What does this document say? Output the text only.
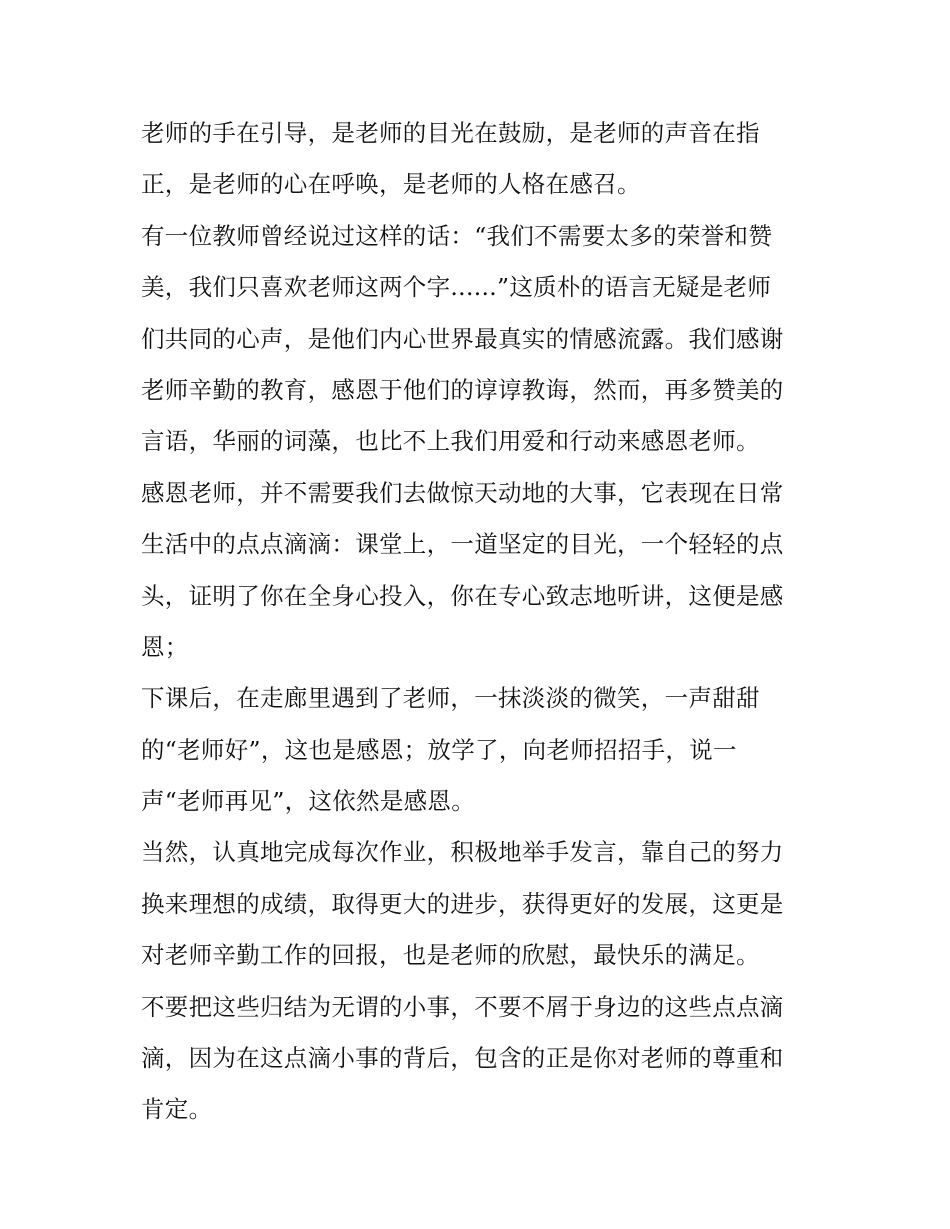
老师的手在引导，是老师的目光在鼓励，是老师的声音在指
正，是老师的心在呼唤，是老师的人格在感召。
有一位教师曾经说过这样的话：“我们不需要太多的荣誉和赞
美，我们只喜欢老师这两个字......”这质朴的语言无疑是老师
们共同的心声，是他们内心世界最真实的情感流露。我们感谢
老师辛勤的教育，感恩于他们的谆谆教诲，然而，再多赞美的
言语，华丽的词藻，也比不上我们用爱和行动来感恩老师。
感恩老师，并不需要我们去做惊天动地的大事，它表现在日常
生活中的点点滴滴：课堂上，一道坚定的目光，一个轻轻的点
头，证明了你在全身心投入，你在专心致志地听讲，这便是感
恩；
下课后，在走廊里遇到了老师，一抹淡淡的微笑，一声甜甜
的“老师好”，这也是感恩；放学了，向老师招招手，说一
声“老师再见”，这依然是感恩。
当然，认真地完成每次作业，积极地举手发言，靠自己的努力
换来理想的成绩，取得更大的进步，获得更好的发展，这更是
对老师辛勤工作的回报，也是老师的欣慰，最快乐的满足。
不要把这些归结为无谓的小事，不要不屑于身边的这些点点滴
滴，因为在这点滴小事的背后，包含的正是你对老师的尊重和
肯定。
